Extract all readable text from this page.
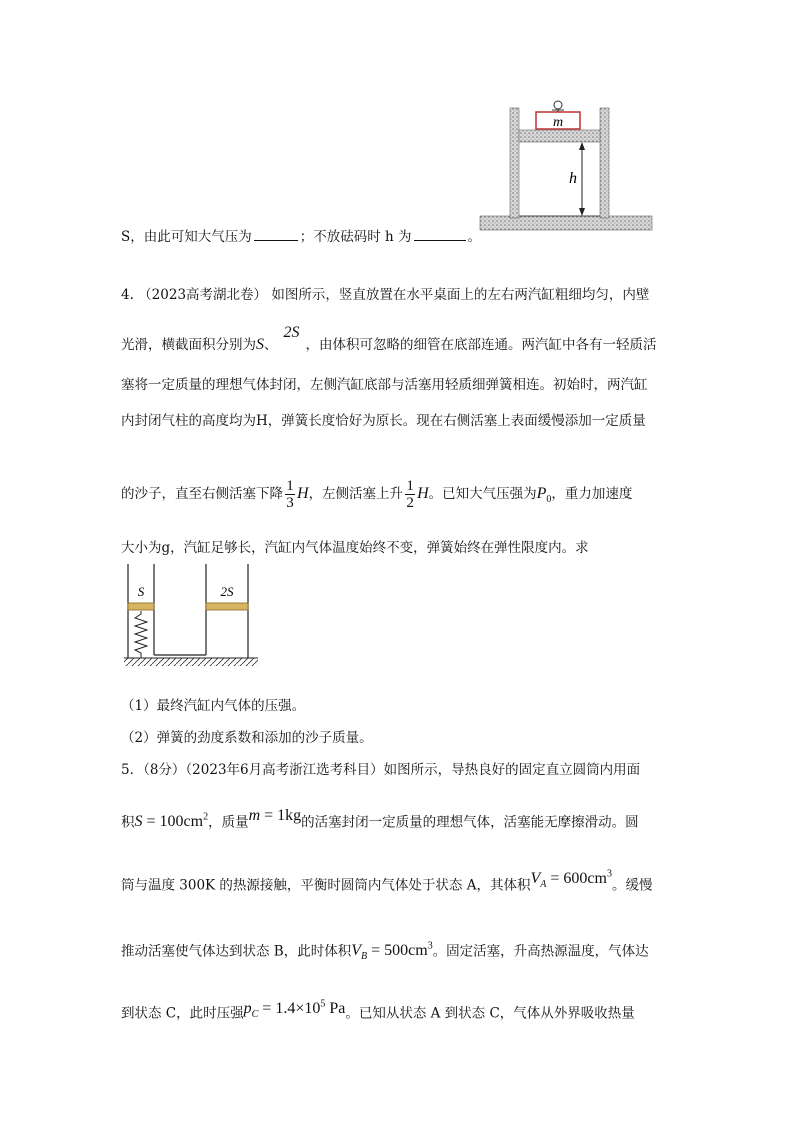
m
h
S，由此可知大气压为	；不放砝码时 h 为	。
4. （2023高考湖北卷） 如图所示，竖直放置在水平桌面上的左右两汽缸粗细均匀，内壁
光滑，横截面积分别为S、2S，由体积可忽略的细管在底部连通。两汽缸中各有一轻质活
塞将一定质量的理想气体封闭，左侧汽缸底部与活塞用轻质细弹簧相连。初始时，两汽缸
内封闭气柱的高度均为H，弹簧长度恰好为原长。现在右侧活塞上表面缓慢添加一定质量
的沙子，直至右侧活塞下降 $\frac{1}{3}$ H，左侧活塞上升 $\frac{1}{2}$ H。已知大气压强为$P_0$，重力加速度
大小为g，汽缸足够长，汽缸内气体温度始终不变，弹簧始终在弹性限度内。求
S	2S
（1）最终汽缸内气体的压强。
（2）弹簧的劲度系数和添加的沙子质量。
5．（8分）（2023年6月高考浙江选考科目）如图所示，导热良好的固定直立圆筒内用面
积$S = 100cm^2$，质量m = 1kg的活塞封闭一定质量的理想气体，活塞能无摩擦滑动。圆
筒与温度 300K 的热源接触，平衡时圆筒内气体处于状态 A，其体积$V_A = 600cm^3$。缓慢
推动活塞使气体达到状态 B，此时体积$V_B = 500cm^3$。固定活塞，升高热源温度，气体达
到状态 C，此时压强$p_C = 1.4\times 10^5$ Pa。已知从状态 A 到状态 C，气体从外界吸收热量
